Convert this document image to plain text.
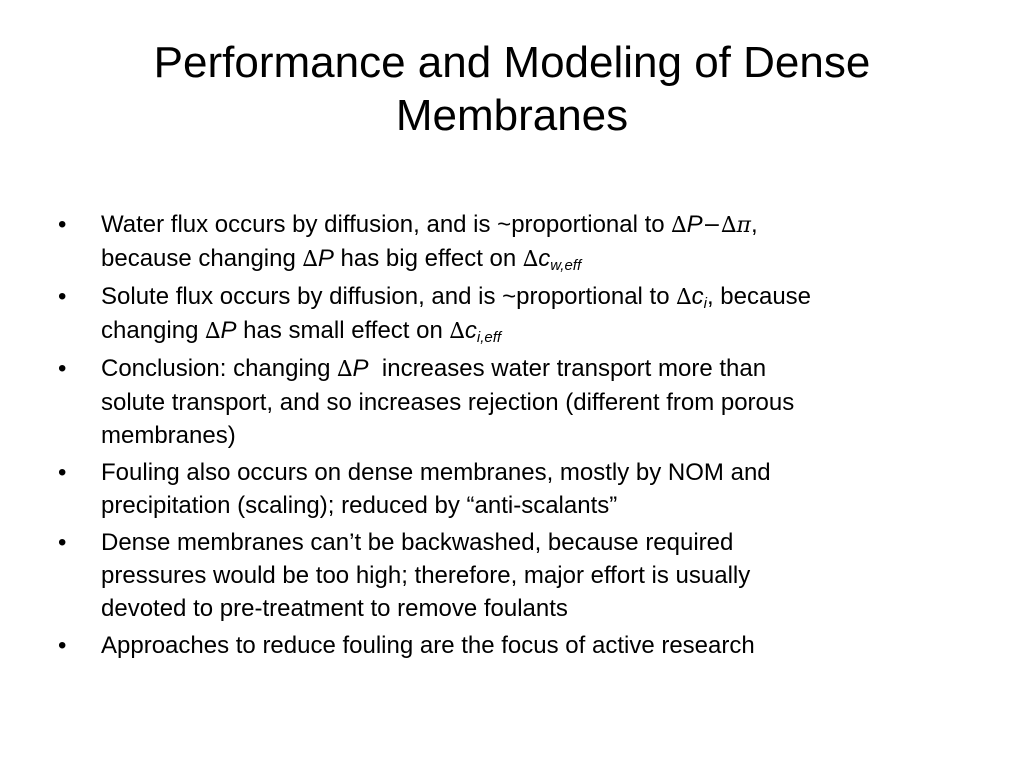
Performance and Modeling of Dense
Membranes
•	Water flux occurs by diffusion, and is ~proportional to ∆P−∆π,
because changing ∆P has big effect on $\Delta c_{w,eff}$
•	Solute flux occurs by diffusion, and is ~proportional to $\Delta c_i$, because
changing ∆P has small effect on $\Delta c_{i,eff}$
•	Conclusion: changing ∆P  increases water transport more than
solute transport, and so increases rejection (different from porous
membranes)
•	Fouling also occurs on dense membranes, mostly by NOM and
precipitation (scaling); reduced by “anti-scalants”
•	Dense membranes can’t be backwashed, because required
pressures would be too high; therefore, major effort is usually
devoted to pre-treatment to remove foulants
•	Approaches to reduce fouling are the focus of active research
